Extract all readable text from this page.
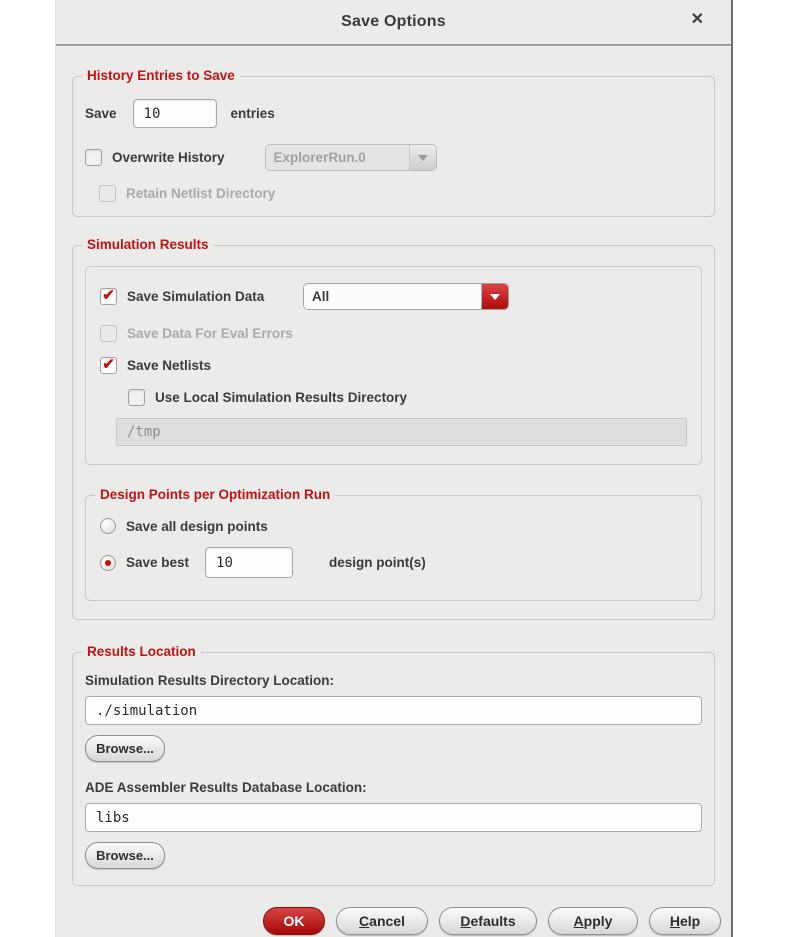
Save Options	✕
History Entries to Save
Save
10	entries
Overwrite History	ExplorerRun.0
Retain Netlist Directory
Simulation Results
✔ Save Simulation Data	All
Save Data For Eval Errors
✔ Save Netlists
Use Local Simulation Results Directory
/tmp
Design Points per Optimization Run
Save all design points
Save best
10	design point(s)
Results Location
Simulation Results Directory Location:
./simulation
Browse...
ADE Assembler Results Database Location:
libs
Browse...
OK	Cancel	Defaults	Apply	Help
